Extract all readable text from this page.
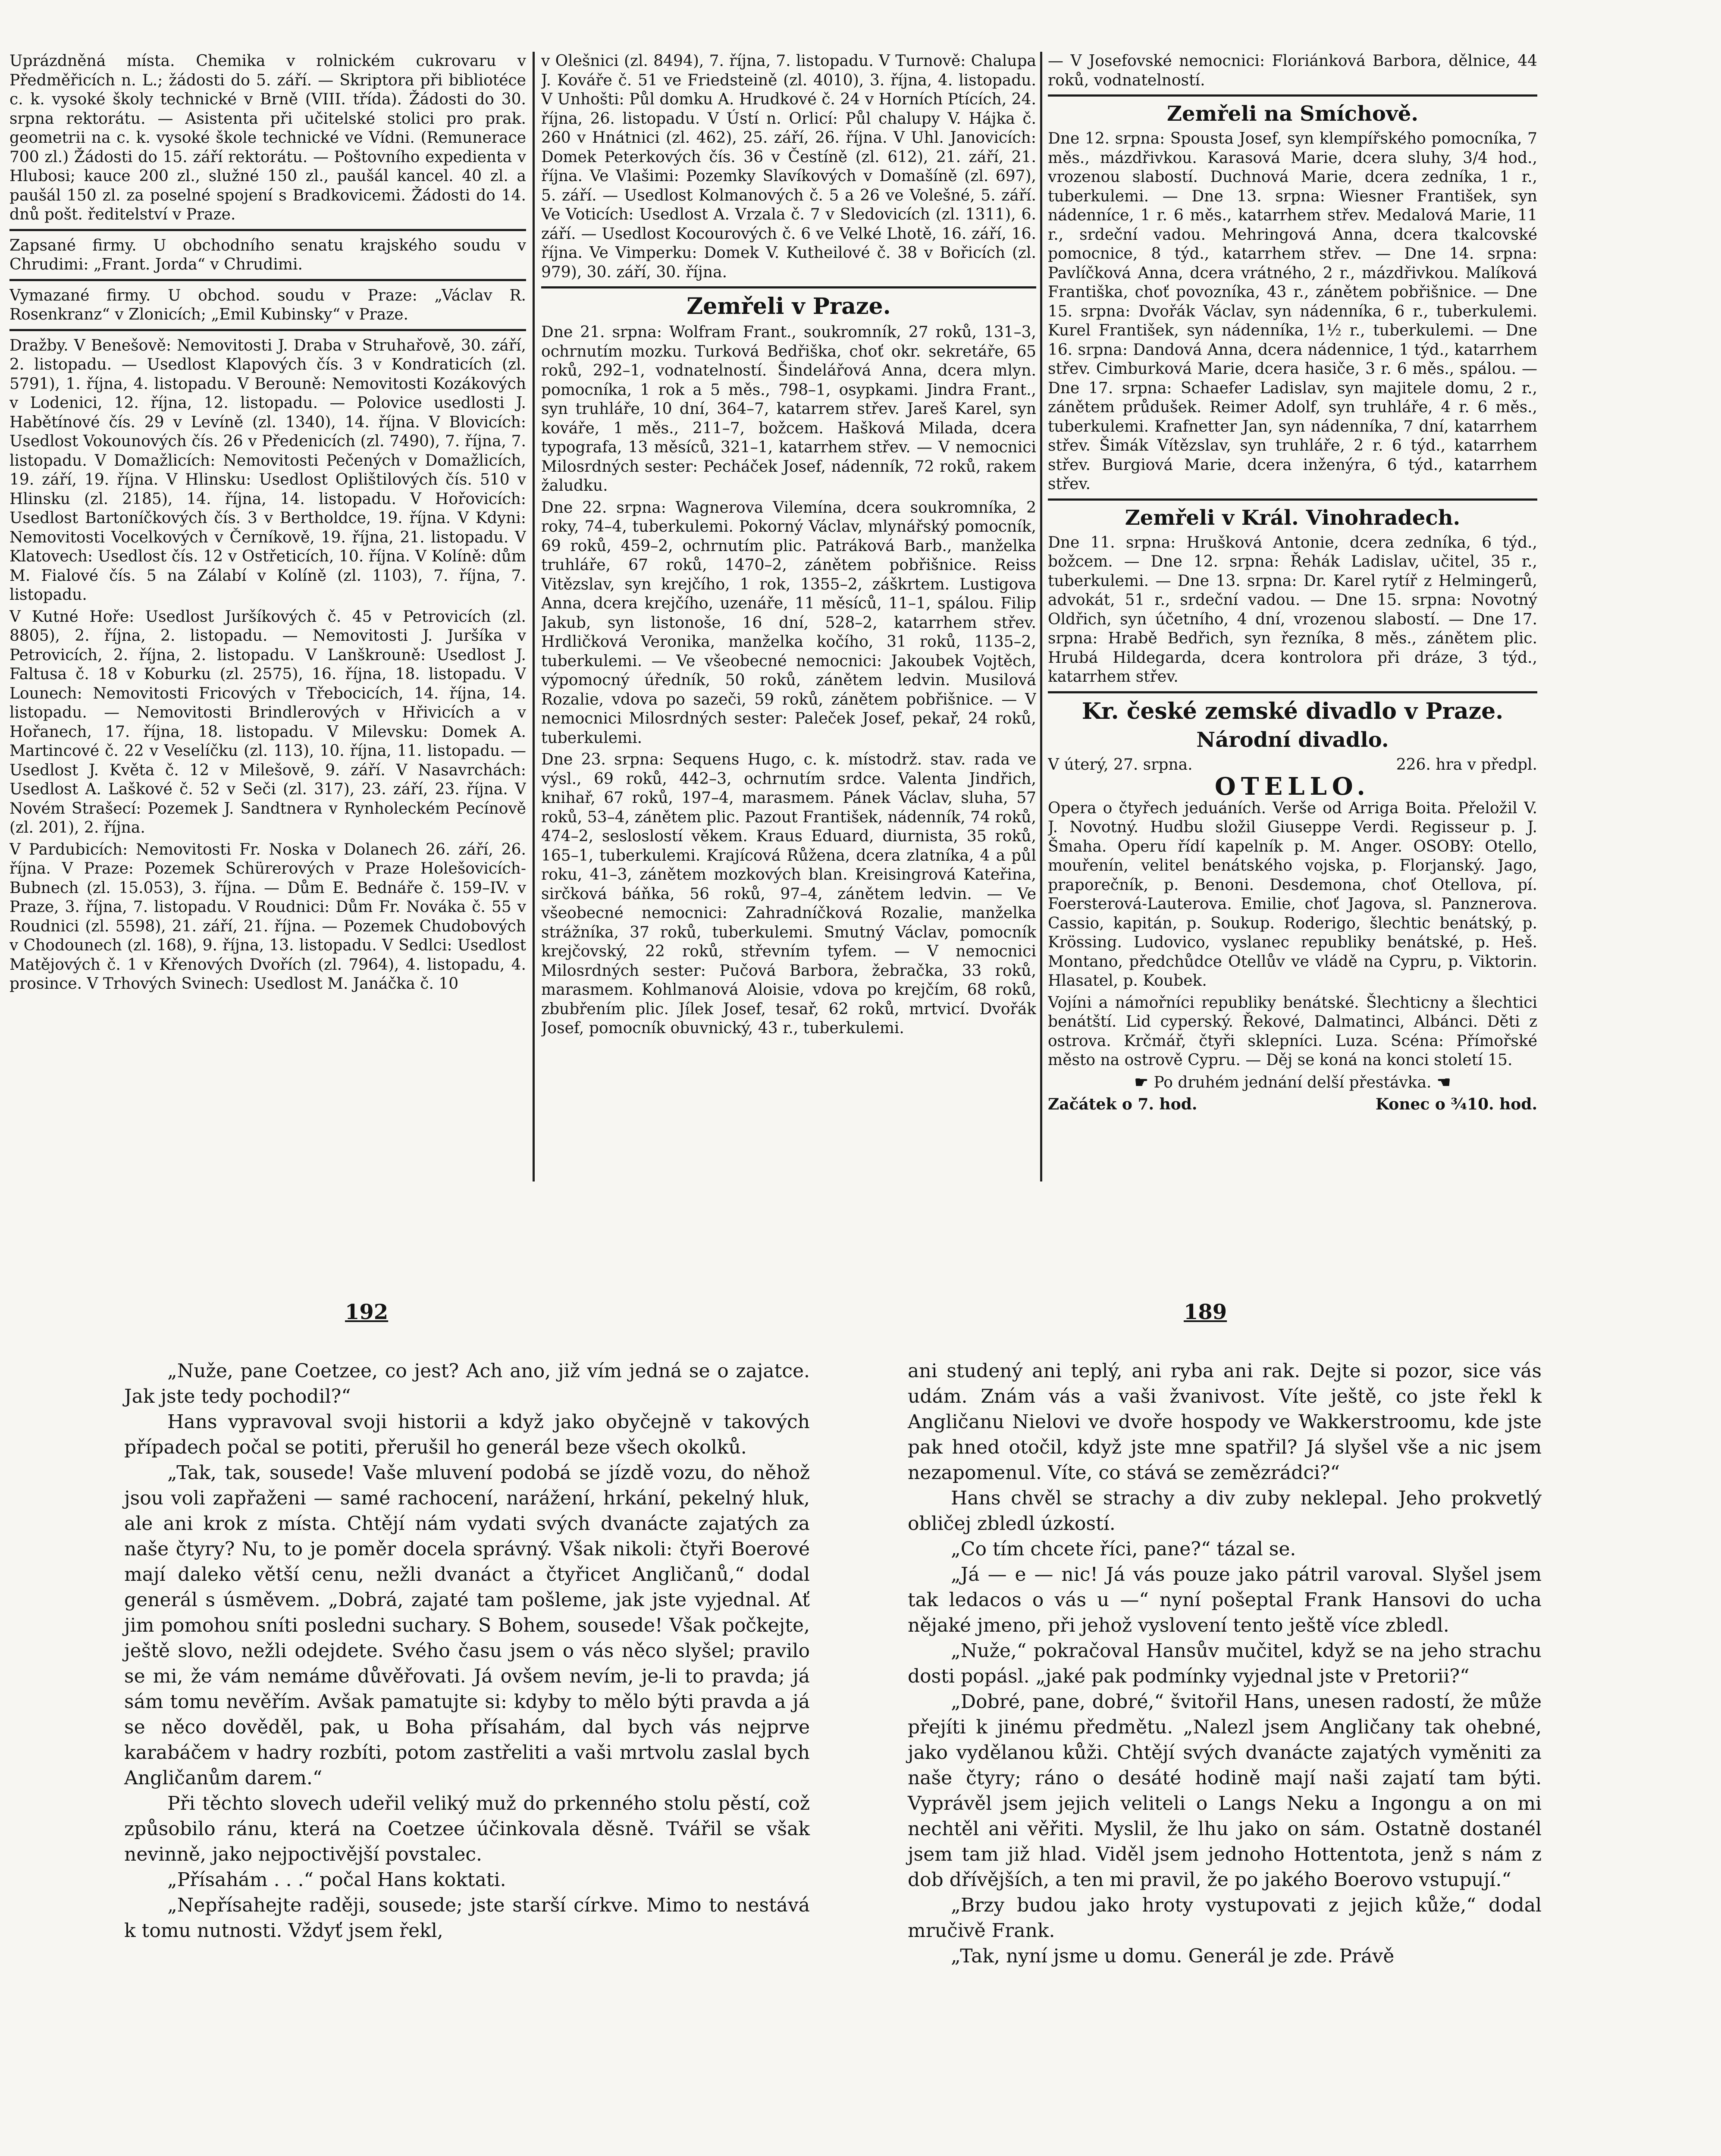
Uprázdněná místa. Chemika v rolnickém cukrovaru v Předměřicích n. L.; žádosti do 5. září. — Skriptora při bibliotéce c. k. vysoké školy technické v Brně (VIII. třída). Žádosti do 30. srpna rektorátu. — Asistenta při učitelské stolici pro prak. geometrii na c. k. vysoké škole technické ve Vídni. (Remunerace 700 zl.) Žádosti do 15. září rektorátu. — Poštovního expedienta v Hlubosi; kauce 200 zl., služné 150 zl., paušál kancel. 40 zl. a paušál 150 zl. za poselné spojení s Bradkovicemi. Žádosti do 14. dnů pošt. ředitelství v Praze.

Zapsané firmy. U obchodního senatu krajského soudu v Chrudimi: „Frant. Jorda“ v Chrudimi.

Vymazané firmy. U obchod. soudu v Praze: „Václav R. Rosenkranz“ v Zlonicích; „Emil Kubinsky“ v Praze.

Dražby. V Benešově: Nemovitosti J. Draba v Struhařově, 30. září, 2. listopadu. — Usedlost Klapových čís. 3 v Kondraticích (zl. 5791), 1. října, 4. listopadu. V Berouně: Nemovitosti Kozákových v Lodenici, 12. října, 12. listopadu. — Polovice usedlosti J. Habětínové čís. 29 v Levíně (zl. 1340), 14. října. V Blovicích: Usedlost Vokounových čís. 26 v Předenicích (zl. 7490), 7. října, 7. listopadu. V Domažlicích: Nemovitosti Pečených v Domažlicích, 19. září, 19. října. V Hlinsku: Usedlost Oplištilových čís. 510 v Hlinsku (zl. 2185), 14. října, 14. listopadu. V Hořovicích: Usedlost Bartoníčkových čís. 3 v Bertholdce, 19. října. V Kdyni: Nemovitosti Vocelkových v Černíkově, 19. října, 21. listopadu. V Klatovech: Usedlost čís. 12 v Ostřeticích, 10. října. V Kolíně: dům M. Fialové čís. 5 na Zálabí v Kolíně (zl. 1103), 7. října, 7. listopadu.

V Kutné Hoře: Usedlost Juršíkových č. 45 v Petrovicích (zl. 8805), 2. října, 2. listopadu. — Nemovitosti J. Juršíka v Petrovicích, 2. října, 2. listopadu. V Lanškrouně: Usedlost J. Faltusa č. 18 v Koburku (zl. 2575), 16. října, 18. listopadu. V Lounech: Nemovitosti Fricových v Třebocicích, 14. října, 14. listopadu. — Nemovitosti Brindlerových v Hřivicích a v Hořanech, 17. října, 18. listopadu. V Milevsku: Domek A. Martincové č. 22 v Veselíčku (zl. 113), 10. října, 11. listopadu. — Usedlost J. Květa č. 12 v Milešově, 9. září. V Nasavrchách: Usedlost A. Laškové č. 52 v Seči (zl. 317), 23. září, 23. října. V Novém Strašecí: Pozemek J. Sandtnera v Rynholeckém Pecínově (zl. 201), 2. října.

V Pardubicích: Nemovitosti Fr. Noska v Dolanech 26. září, 26. října. V Praze: Pozemek Schürerových v Praze Holešovicích-Bubnech (zl. 15.053), 3. října. — Dům E. Bednáře č. 159–IV. v Praze, 3. října, 7. listopadu. V Roudnici: Dům Fr. Nováka č. 55 v Roudnici (zl. 5598), 21. září, 21. října. — Pozemek Chudobových v Chodounech (zl. 168), 9. října, 13. listopadu. V Sedlci: Usedlost Matějových č. 1 v Křenových Dvořích (zl. 7964), 4. listopadu, 4. prosince. V Trhových Svinech: Usedlost M. Janáčka č. 10

v Olešnici (zl. 8494), 7. října, 7. listopadu. V Turnově: Chalupa J. Kováře č. 51 ve Friedsteině (zl. 4010), 3. října, 4. listopadu. V Unhošti: Půl domku A. Hrudkové č. 24 v Horních Ptících, 24. října, 26. listopadu. V Ústí n. Orlicí: Půl chalupy V. Hájka č. 260 v Hnátnici (zl. 462), 25. září, 26. října. V Uhl. Janovicích: Domek Peterkových čís. 36 v Čestíně (zl. 612), 21. září, 21. října. Ve Vlašimi: Pozemky Slavíkových v Domašíně (zl. 697), 5. září. — Usedlost Kolmanových č. 5 a 26 ve Volešné, 5. září. Ve Voticích: Usedlost A. Vrzala č. 7 v Sledovicích (zl. 1311), 6. září. — Usedlost Kocourových č. 6 ve Velké Lhotě, 16. září, 16. října. Ve Vimperku: Domek V. Kutheilové č. 38 v Bořicích (zl. 979), 30. září, 30. října.

Zemřeli v Praze.

Dne 21. srpna: Wolfram Frant., soukromník, 27 roků, 131–3, ochrnutím mozku. Turková Bedřiška, choť okr. sekretáře, 65 roků, 292–1, vodnatelností. Šindelářová Anna, dcera mlyn. pomocníka, 1 rok a 5 měs., 798–1, osypkami. Jindra Frant., syn truhláře, 10 dní, 364–7, katarrem střev. Jareš Karel, syn kováře, 1 měs., 211–7, božcem. Hašková Milada, dcera typografa, 13 měsíců, 321–1, katarrhem střev. — V nemocnici Milosrdných sester: Pecháček Josef, nádenník, 72 roků, rakem žaludku.

Dne 22. srpna: Wagnerova Vilemína, dcera soukromníka, 2 roky, 74–4, tuberkulemi. Pokorný Václav, mlynářský pomocník, 69 roků, 459–2, ochrnutím plic. Patráková Barb., manželka truhláře, 67 roků, 1470–2, zánětem pobřišnice. Reiss Vitězslav, syn krejčího, 1 rok, 1355–2, záškrtem. Lustigova Anna, dcera krejčího, uzenáře, 11 měsíců, 11–1, spálou. Filip Jakub, syn listonoše, 16 dní, 528–2, katarrhem střev. Hrdličková Veronika, manželka kočího, 31 roků, 1135–2, tuberkulemi. — Ve všeobecné nemocnici: Jakoubek Vojtěch, výpomocný úředník, 50 roků, zánětem ledvin. Musilová Rozalie, vdova po sazeči, 59 roků, zánětem pobřišnice. — V nemocnici Milosrdných sester: Paleček Josef, pekař, 24 roků, tuberkulemi.

Dne 23. srpna: Sequens Hugo, c. k. místodrž. stav. rada ve výsl., 69 roků, 442–3, ochrnutím srdce. Valenta Jindřich, knihař, 67 roků, 197–4, marasmem. Pánek Václav, sluha, 57 roků, 53–4, zánětem plic. Pazout František, nádenník, 74 roků, 474–2, sesloslostí věkem. Kraus Eduard, diurnista, 35 roků, 165–1, tuberkulemi. Krajícová Růžena, dcera zlatníka, 4 a půl roku, 41–3, zánětem mozkových blan. Kreisingrová Kateřina, sirčková báňka, 56 roků, 97–4, zánětem ledvin. — Ve všeobecné nemocnici: Zahradníčková Rozalie, manželka strážníka, 37 roků, tuberkulemi. Smutný Václav, pomocník krejčovský, 22 roků, střevním tyfem. — V nemocnici Milosrdných sester: Pučová Barbora, žebračka, 33 roků, marasmem. Kohlmanová Aloisie, vdova po krejčím, 68 roků, zbubřením plic. Jílek Josef, tesař, 62 roků, mrtvicí. Dvořák Josef, pomocník obuvnický, 43 r., tuberkulemi.

— V Josefovské nemocnici: Floriánková Barbora, dělnice, 44 roků, vodnatelností.

Zemřeli na Smíchově.

Dne 12. srpna: Spousta Josef, syn klempířského pomocníka, 7 měs., mázdřivkou. Karasová Marie, dcera sluhy, 3/4 hod., vrozenou slabostí. Duchnová Marie, dcera zedníka, 1 r., tuberkulemi. — Dne 13. srpna: Wiesner František, syn nádenníce, 1 r. 6 měs., katarrhem střev. Medalová Marie, 11 r., srdeční vadou. Mehringová Anna, dcera tkalcovské pomocnice, 8 týd., katarrhem střev. — Dne 14. srpna: Pavlíčková Anna, dcera vrátného, 2 r., mázdřivkou. Malíková Františka, choť povozníka, 43 r., zánětem pobřišnice. — Dne 15. srpna: Dvořák Václav, syn nádenníka, 6 r., tuberkulemi. Kurel František, syn nádenníka, 1½ r., tuberkulemi. — Dne 16. srpna: Dandová Anna, dcera nádennice, 1 týd., katarrhem střev. Cimburková Marie, dcera hasiče, 3 r. 6 měs., spálou. — Dne 17. srpna: Schaefer Ladislav, syn majitele domu, 2 r., zánětem průdušek. Reimer Adolf, syn truhláře, 4 r. 6 měs., tuberkulemi. Krafnetter Jan, syn nádenníka, 7 dní, katarrhem střev. Šimák Vítězslav, syn truhláře, 2 r. 6 týd., katarrhem střev. Burgiová Marie, dcera inženýra, 6 týd., katarrhem střev.

Zemřeli v Král. Vinohradech.

Dne 11. srpna: Hrušková Antonie, dcera zedníka, 6 týd., božcem. — Dne 12. srpna: Řehák Ladislav, učitel, 35 r., tuberkulemi. — Dne 13. srpna: Dr. Karel rytíř z Helmingerů, advokát, 51 r., srdeční vadou. — Dne 15. srpna: Novotný Oldřich, syn účetního, 4 dní, vrozenou slabostí. — Dne 17. srpna: Hrabě Bedřich, syn řezníka, 8 měs., zánětem plic. Hrubá Hildegarda, dcera kontrolora při dráze, 3 týd., katarrhem střev.

Kr. české zemské divadlo v Praze.
Národní divadlo.
V úterý, 27. srpna.	226. hra v předpl.
OTELLO.

Opera o čtyřech jeduáních. Verše od Arriga Boita. Přeložil V. J. Novotný. Hudbu složil Giuseppe Verdi. Regisseur p. J. Šmaha. Operu řídí kapelník p. M. Anger. OSOBY: Otello, mouřenín, velitel benátského vojska, p. Florjanský. Jago, praporečník, p. Benoni. Desdemona, choť Otellova, pí. Foersterová-Lauterova. Emilie, choť Jagova, sl. Panznerova. Cassio, kapitán, p. Soukup. Roderigo, šlechtic benátský, p. Krössing. Ludovico, vyslanec republiky benátské, p. Heš. Montano, předchůdce Otellův ve vládě na Cypru, p. Viktorin. Hlasatel, p. Koubek.

Vojíni a námořníci republiky benátské. Šlechticny a šlechtici benátští. Lid cyperský. Řekové, Dalmatinci, Albánci. Děti z ostrova. Krčmář, čtyři sklepníci. Luza. Scéna: Přímořské město na ostrově Cypru. — Děj se koná na konci století 15.

☛ Po druhém jednání delší přestávka. ☚

Začátek o 7. hod.	Konec o ¾10. hod.
192	189

„Nuže, pane Coetzee, co jest? Ach ano, již vím jedná se o zajatce. Jak jste tedy pochodil?“

Hans vypravoval svoji historii a když jako obyčejně v takových případech počal se potiti, přerušil ho generál beze všech okolků.

„Tak, tak, sousede! Vaše mluvení podobá se jízdě vozu, do něhož jsou voli zapřaženi — samé rachocení, narážení, hrkání, pekelný hluk, ale ani krok z místa. Chtějí nám vydati svých dvanácte zajatých za naše čtyry? Nu, to je poměr docela správný. Však nikoli: čtyři Boerové mají daleko větší cenu, nežli dvanáct a čtyřicet Angličanů,“ dodal generál s úsměvem. „Dobrá, zajaté tam pošleme, jak jste vyjednal. Ať jim pomohou sníti posledni suchary. S Bohem, sousede! Však počkejte, ještě slovo, nežli odejdete. Svého času jsem o vás něco slyšel; pravilo se mi, že vám nemáme důvěřovati. Já ovšem nevím, je-li to pravda; já sám tomu nevěřím. Avšak pamatujte si: kdyby to mělo býti pravda a já se něco dověděl, pak, u Boha přísahám, dal bych vás nejprve karabáčem v hadry rozbíti, potom zastřeliti a vaši mrtvolu zaslal bych Angličanům darem.“

Při těchto slovech udeřil veliký muž do prkenného stolu pěstí, což způsobilo ránu, která na Coetzee účinkovala děsně. Tvářil se však nevinně, jako nejpoctivější povstalec.

„Přísahám . . .“ počal Hans koktati.

„Nepřísahejte raději, sousede; jste starší církve. Mimo to nestává k tomu nutnosti. Vždyť jsem řekl,

ani studený ani teplý, ani ryba ani rak. Dejte si pozor, sice vás udám. Znám vás a vaši žvanivost. Víte ještě, co jste řekl k Angličanu Nielovi ve dvoře hospody ve Wakkerstroomu, kde jste pak hned otočil, když jste mne spatřil? Já slyšel vše a nic jsem nezapomenul. Víte, co stává se zemězrádci?“

Hans chvěl se strachy a div zuby neklepal. Jeho prokvetlý obličej zbledl úzkostí.

„Co tím chcete říci, pane?“ tázal se.

„Já — e — nic! Já vás pouze jako pátril varoval. Slyšel jsem tak ledacos o vás u —“ nyní pošeptal Frank Hansovi do ucha nějaké jmeno, při jehož vyslovení tento ještě více zbledl.

„Nuže,“ pokračoval Hansův mučitel, když se na jeho strachu dosti popásl. „jaké pak podmínky vyjednal jste v Pretorii?“

„Dobré, pane, dobré,“ švitořil Hans, unesen radostí, že může přejíti k jinému předmětu. „Nalezl jsem Angličany tak ohebné, jako vydělanou kůži. Chtějí svých dvanácte zajatých vyměniti za naše čtyry; ráno o desáté hodině mají naši zajatí tam býti. Vyprávěl jsem jejich veliteli o Langs Neku a Ingongu a on mi nechtěl ani věřiti. Myslil, že lhu jako on sám. Ostatně dostanél jsem tam již hlad. Viděl jsem jednoho Hottentota, jenž s nám z dob dřívějších, a ten mi pravil, že po jakého Boerovo vstupují.“

„Brzy budou jako hroty vystupovati z jejich kůže,“ dodal mručivě Frank.

„Tak, nyní jsme u domu. Generál je zde. Právě
